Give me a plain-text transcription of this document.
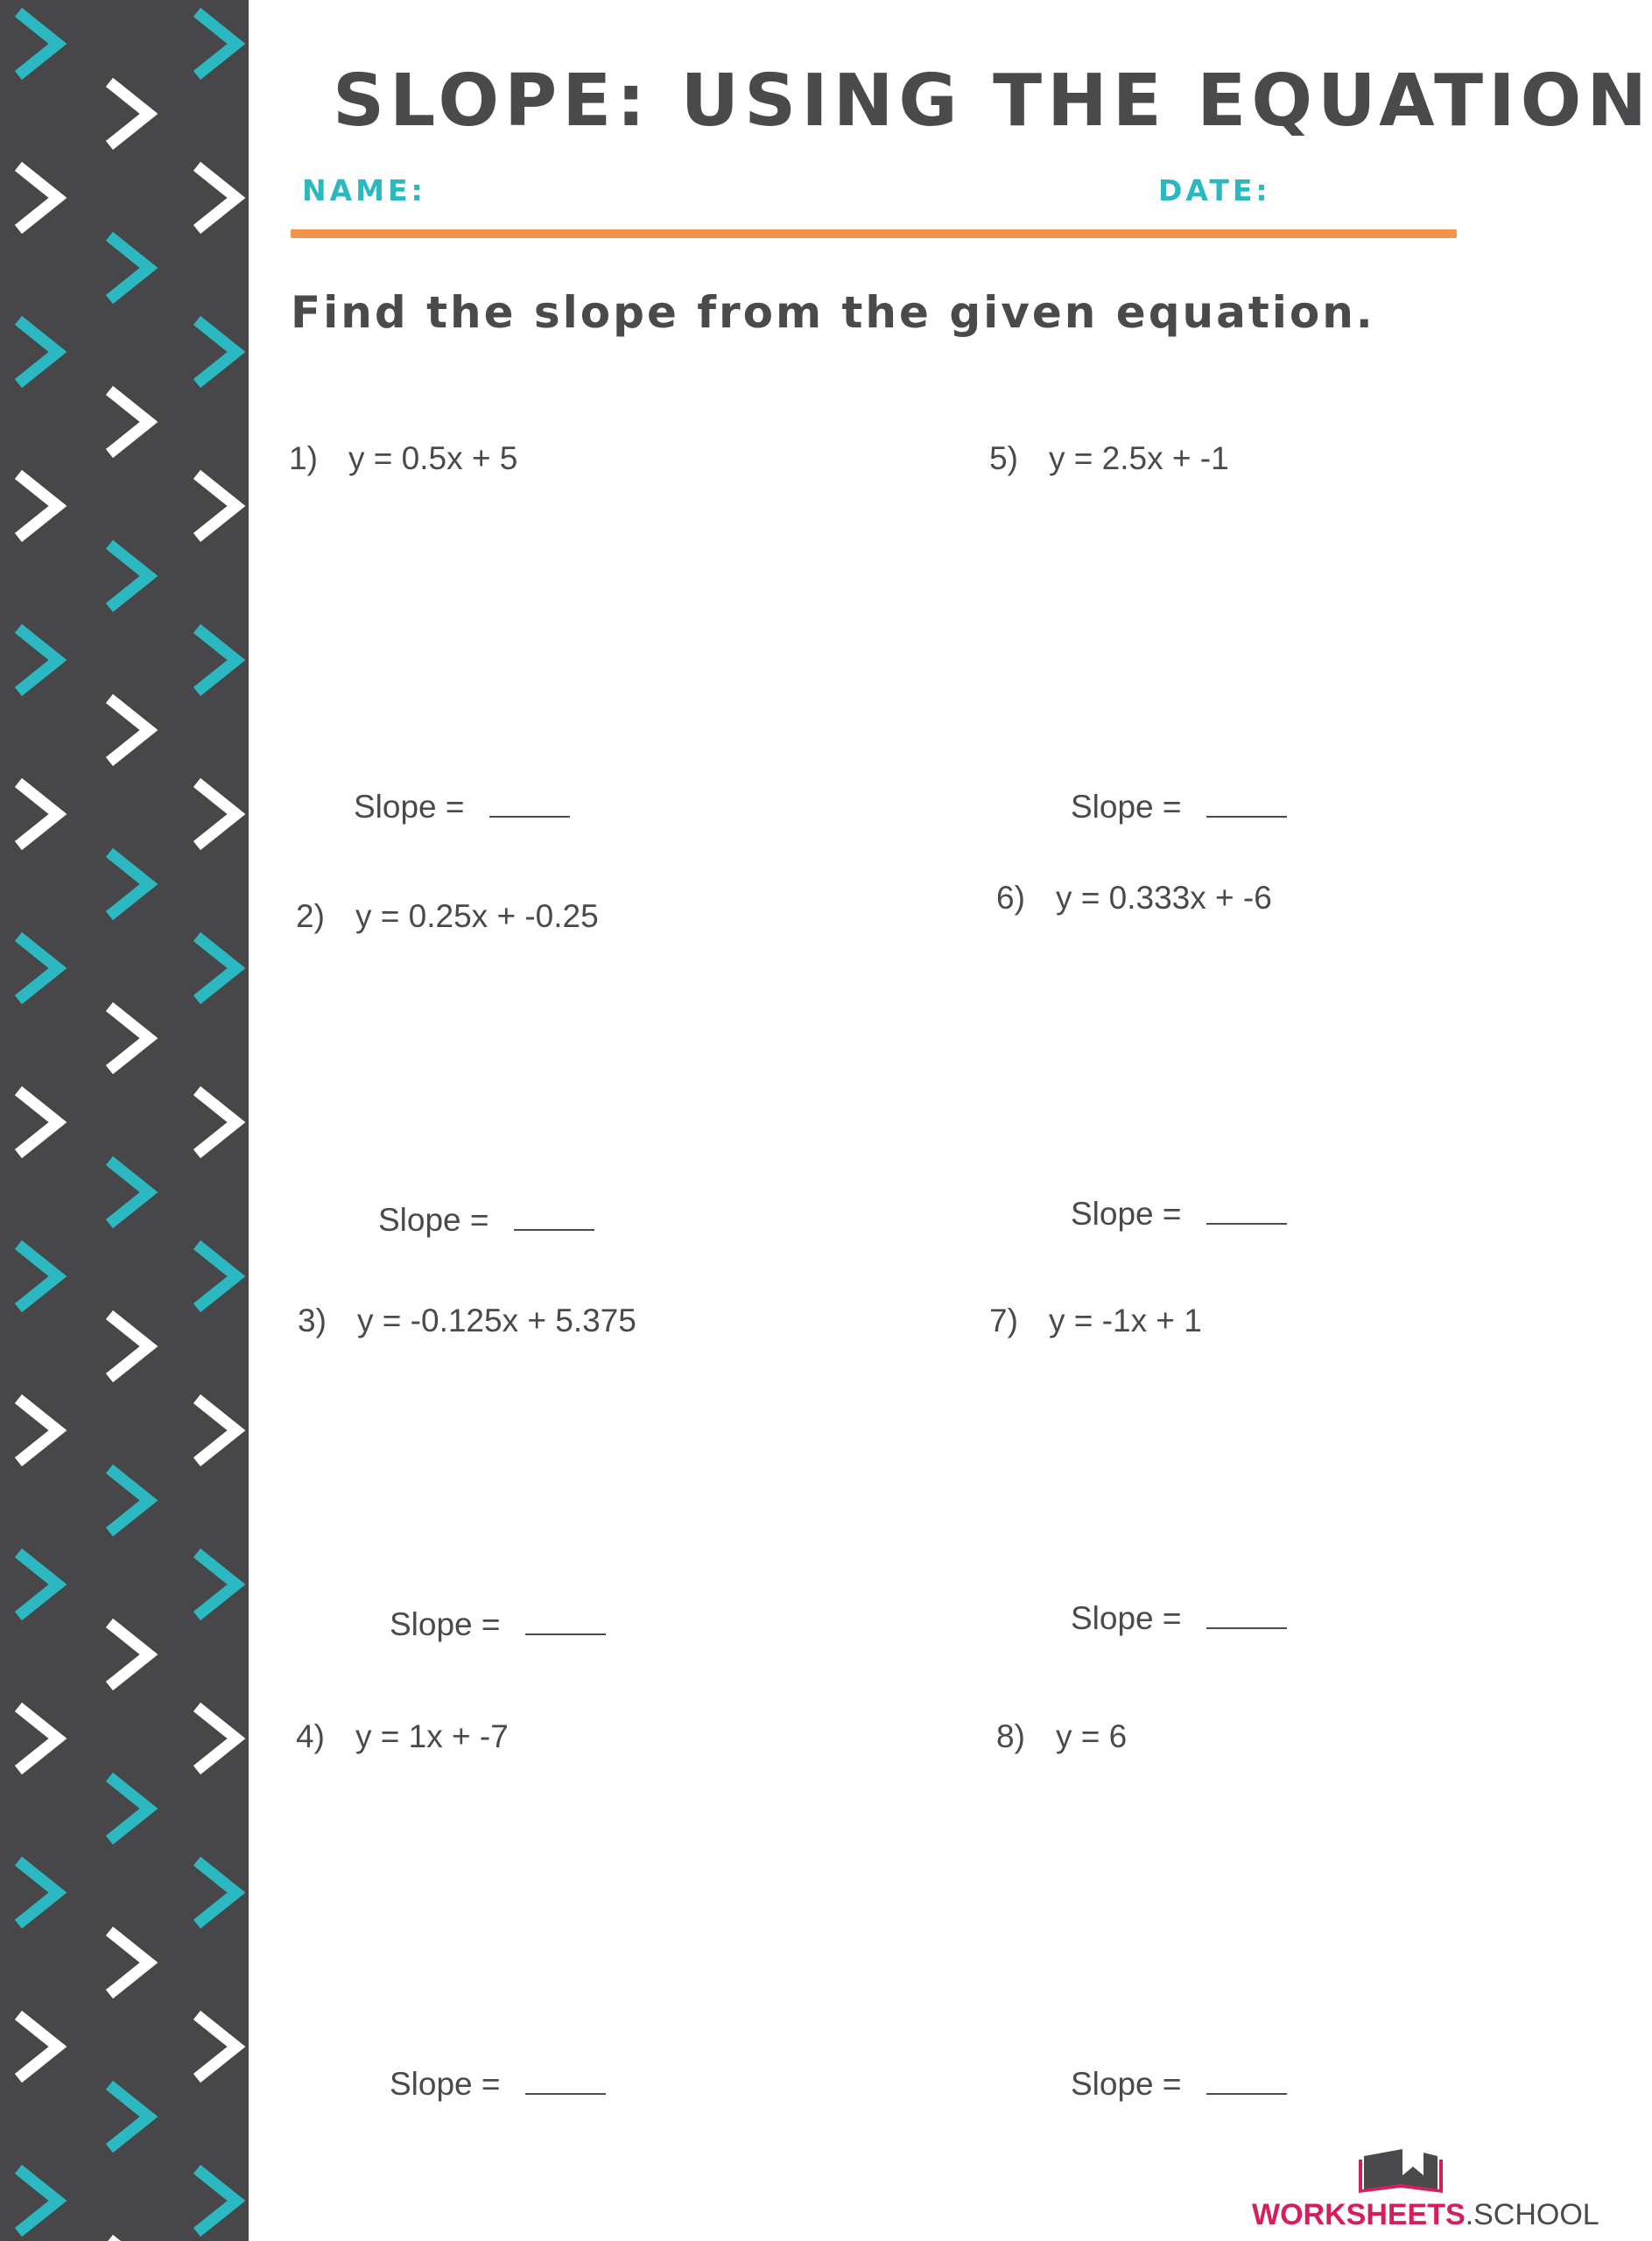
SLOPE: USING THE EQUATION
NAME:	DATE:
Find the slope from the given equation.
1) y = 0.5x + 5
2) y = 0.25x + -0.25
3) y = -0.125x + 5.375
4) y = 1x + -7
5) y = 2.5x + -1
6) y = 0.333x + -6
7) y = -1x + 1
8) y = 6
Slope =
Slope =
Slope =
Slope =
Slope =
Slope =
Slope =
Slope =
WORKSHEETS.SCHOOL
